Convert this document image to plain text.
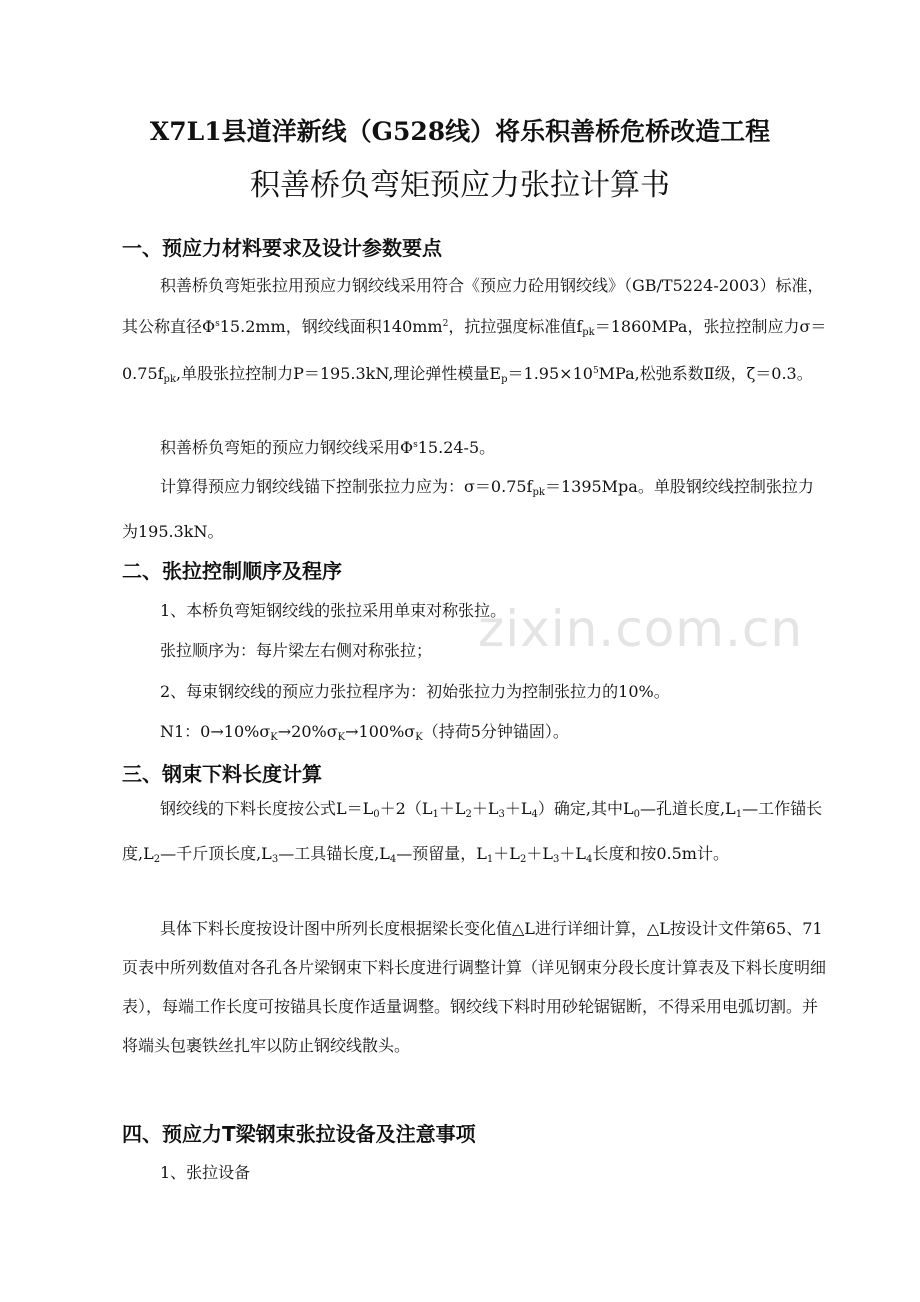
zixin.com.cn
X7L1县道洋新线（G528线）将乐积善桥危桥改造工程
积善桥负弯矩预应力张拉计算书
一、预应力材料要求及设计参数要点
积善桥负弯矩张拉用预应力钢绞线采用符合《预应力砼用钢绞线》（GB/T5224-2003）标准，其公称直径$\Phi^s15.2mm$，钢绞线面积$140mm^2$，抗拉强度标准值$f_{pk}=1860MPa$，张拉控制应力$\sigma=0.75f_{pk}$,单股张拉控制力P＝195.3kN,理论弹性模量$E_p=1.95\times 10^5MPa$,松弛系数Ⅱ级，ζ＝0.3。
积善桥负弯矩的预应力钢绞线采用$\Phi^s15.24-5$。
计算得预应力钢绞线锚下控制张拉力应为：$\sigma=0.75f_{pk}=1395Mpa$。单股钢绞线控制张拉力为195.3kN。
二、张拉控制顺序及程序
1、本桥负弯矩钢绞线的张拉采用单束对称张拉。
张拉顺序为：每片梁左右侧对称张拉；
2、每束钢绞线的预应力张拉程序为：初始张拉力为控制张拉力的10%。
N1：$0\to 10\%\sigma_K\to 20\%\sigma_K\to 100\%\sigma_K$（持荷5分钟锚固）。
三、钢束下料长度计算
钢绞线的下料长度按公式$L=L_0+2(L_1+L_2+L_3+L_4)$确定,其中$L_0—$孔道长度$,L_1—$工作锚长度$,L_2—$千斤顶长度$,L_3—$工具锚长度$,L_4—$预留量，$L_1+L_2+L_3+L_4$长度和按0.5m计。
具体下料长度按设计图中所列长度根据梁长变化值△L进行详细计算，△L按设计文件第65、71页表中所列数值对各孔各片梁钢束下料长度进行调整计算（详见钢束分段长度计算表及下料长度明细表），每端工作长度可按锚具长度作适量调整。钢绞线下料时用砂轮锯锯断，不得采用电弧切割。并将端头包裹铁丝扎牢以防止钢绞线散头。
四、预应力T梁钢束张拉设备及注意事项
1、张拉设备
